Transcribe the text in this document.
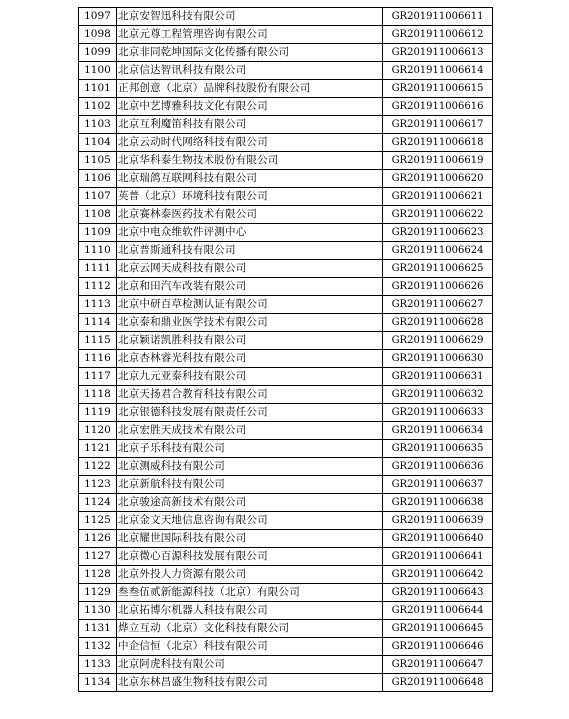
1097	北京安智迅科技有限公司	GR201911006611
1098	北京元尊工程管理咨询有限公司	GR201911006612
1099	北京非同乾坤国际文化传播有限公司	GR201911006613
1100	北京信达智讯科技有限公司	GR201911006614
1101	正邦创意（北京）品牌科技股份有限公司	GR201911006615
1102	北京中艺博雅科技文化有限公司	GR201911006616
1103	北京互利魔笛科技有限公司	GR201911006617
1104	北京云动时代网络科技有限公司	GR201911006618
1105	北京华科泰生物技术股份有限公司	GR201911006619
1106	北京瑞鸽互联网科技有限公司	GR201911006620
1107	英普（北京）环境科技有限公司	GR201911006621
1108	北京赛林泰医药技术有限公司	GR201911006622
1109	北京中电众维软件评测中心	GR201911006623
1110	北京普斯通科技有限公司	GR201911006624
1111	北京云网天成科技有限公司	GR201911006625
1112	北京和田汽车改装有限公司	GR201911006626
1113	北京中研百草检测认证有限公司	GR201911006627
1114	北京泰和鼎业医学技术有限公司	GR201911006628
1115	北京颖诺凯胜科技有限公司	GR201911006629
1116	北京杏林睿光科技有限公司	GR201911006630
1117	北京九元亚泰科技有限公司	GR201911006631
1118	北京天扬君合教育科技有限公司	GR201911006632
1119	北京银德科技发展有限责任公司	GR201911006633
1120	北京宏胜天成技术有限公司	GR201911006634
1121	北京子乐科技有限公司	GR201911006635
1122	北京测威科技有限公司	GR201911006636
1123	北京新航科技有限公司	GR201911006637
1124	北京骏途高新技术有限公司	GR201911006638
1125	北京金文天地信息咨询有限公司	GR201911006639
1126	北京耀世国际科技有限公司	GR201911006640
1127	北京微心百源科技发展有限公司	GR201911006641
1128	北京外投人力资源有限公司	GR201911006642
1129	叁叁伍贰新能源科技（北京）有限公司	GR201911006643
1130	北京拓博尔机器人科技有限公司	GR201911006644
1131	烨立互动（北京）文化科技有限公司	GR201911006645
1132	中企信恒（北京）科技有限公司	GR201911006646
1133	北京阿虎科技有限公司	GR201911006647
1134	北京东林昌盛生物科技有限公司	GR201911006648
